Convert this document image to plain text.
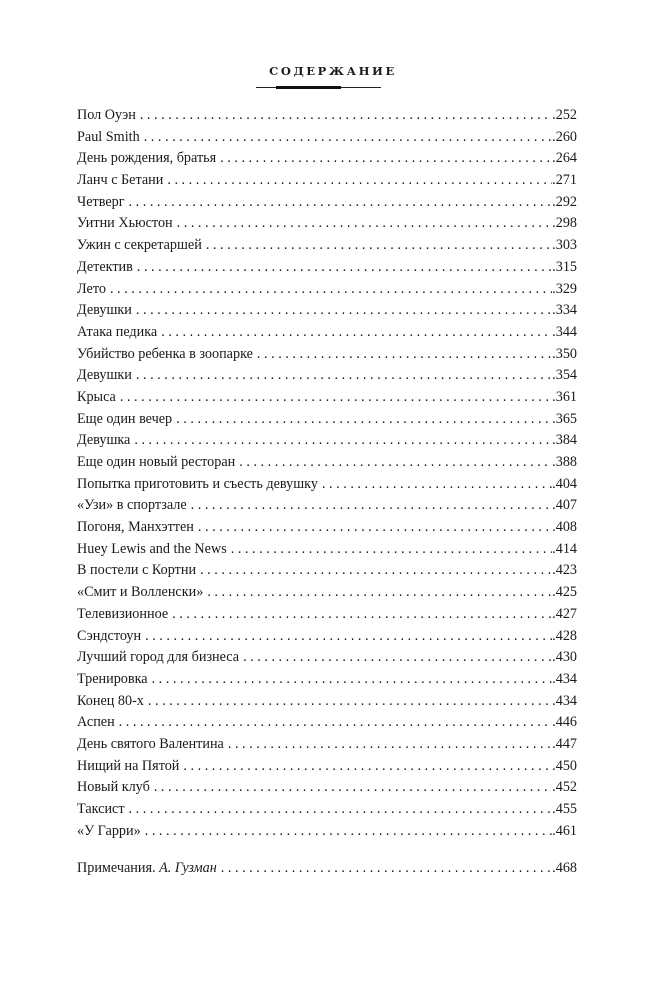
СОДЕРЖАНИЕ
Пол Оуэн . . .	.252
Paul Smith . . .	.260
День рождения, братья . . .	.264
Ланч с Бетани . . .	.271
Четверг . . .	.292
Уитни Хьюстон . . .	.298
Ужин с секретаршей . . .	.303
Детектив . . .	.315
Лето . . .	.329
Девушки . . .	.334
Атака педика . . .	.344
Убийство ребенка в зоопарке . . .	.350
Девушки . . .	.354
Крыса . . .	.361
Еще один вечер . . .	.365
Девушка . . .	.384
Еще один новый ресторан . . .	.388
Попытка приготовить и съесть девушку . . .	.404
«Узи» в спортзале . . .	.407
Погоня, Манхэттен . . .	.408
Huey Lewis and the News . . .	.414
В постели с Кортни . . .	.423
«Смит и Волленски» . . .	.425
Телевизионное . . .	.427
Сэндстоун . . .	.428
Лучший город для бизнеса . . .	.430
Тренировка . . .	.434
Конец 80-х . . .	.434
Аспен . . .	.446
День святого Валентина . . .	.447
Нищий на Пятой . . .	.450
Новый клуб . . .	.452
Таксист . . .	.455
«У Гарри» . . .	.461
Примечания. А. Гузман . . .	.468
